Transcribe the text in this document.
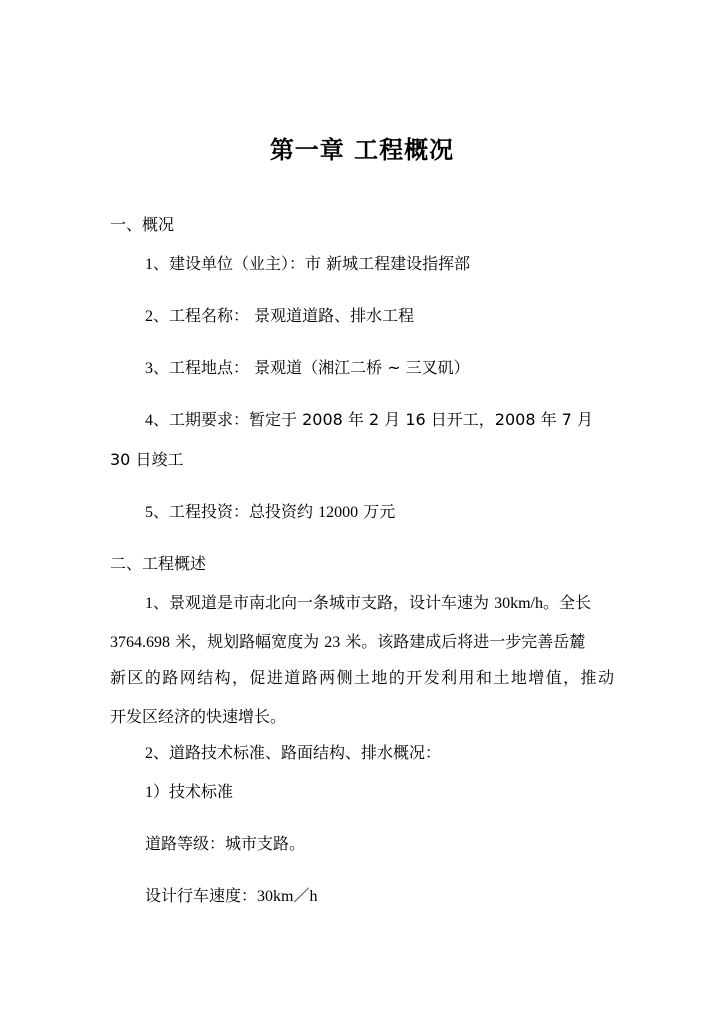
第一章 工程概况
一、概况
1、建设单位（业主）：市 新城工程建设指挥部
2、工程名称： 景观道道路、排水工程
3、工程地点： 景观道（湘江二桥 ~ 三叉矶）
4、工期要求：暂定于 2008 年 2 月 16 日开工，2008 年 7 月
30 日竣工
5、工程投资：总投资约 12000 万元
二、工程概述
1、景观道是市南北向一条城市支路，设计车速为 30km/h。全长
3764.698 米，规划路幅宽度为 23 米。该路建成后将进一步完善岳麓
新区的路网结构，促进道路两侧土地的开发利用和土地增值，推动
开发区经济的快速增长。
2、道路技术标准、路面结构、排水概况：
1）技术标准
道路等级：城市支路。
设计行车速度：30km／h
